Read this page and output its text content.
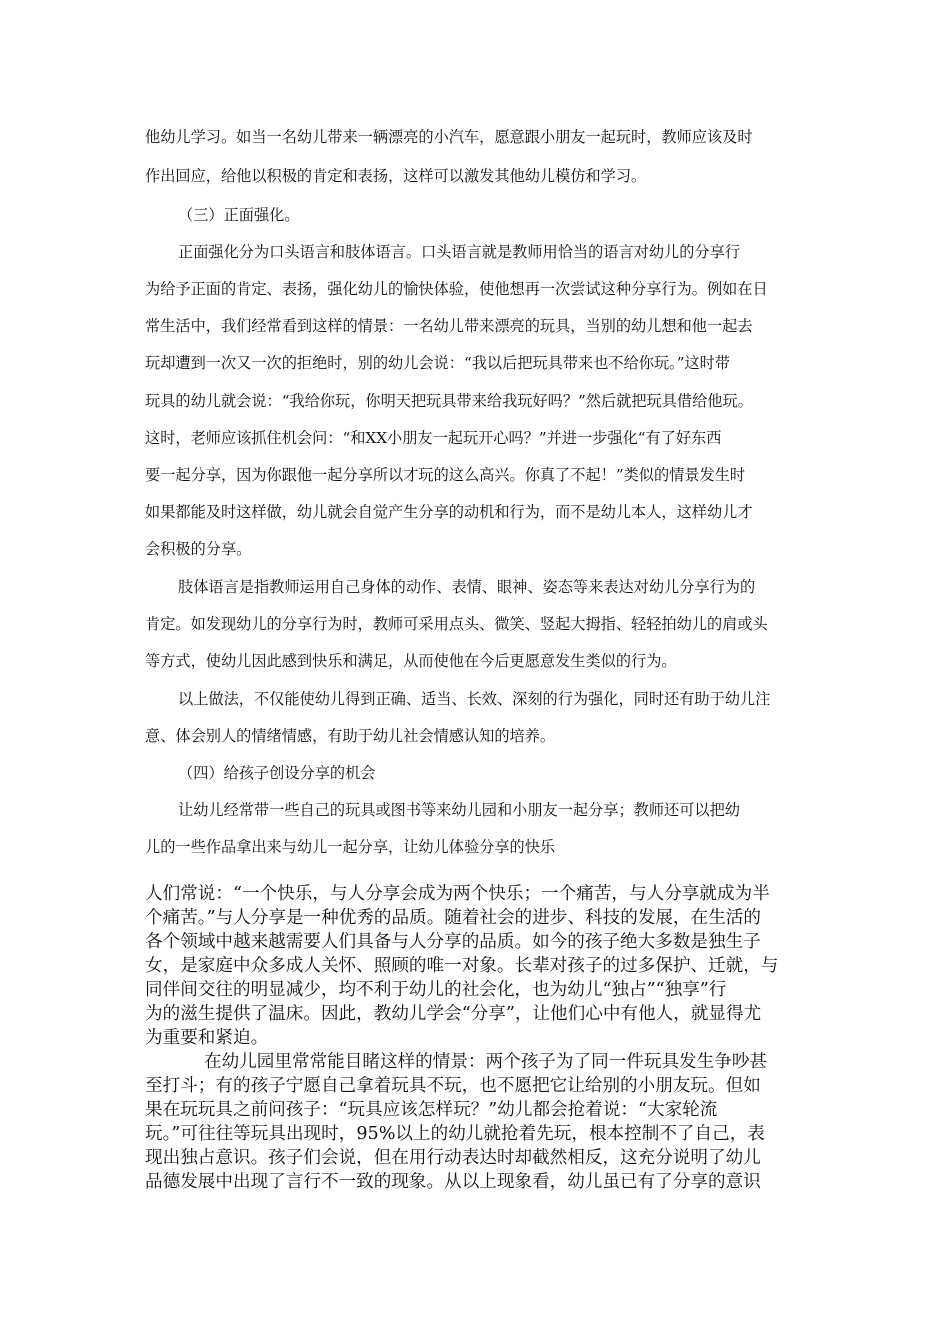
他幼儿学习。如当一名幼儿带来一辆漂亮的小汽车，愿意跟小朋友一起玩时，教师应该及时
作出回应，给他以积极的肯定和表扬，这样可以激发其他幼儿模仿和学习。
（三）正面强化。
正面强化分为口头语言和肢体语言。口头语言就是教师用恰当的语言对幼儿的分享行
为给予正面的肯定、表扬，强化幼儿的愉快体验，使他想再一次尝试这种分享行为。例如在日
常生活中，我们经常看到这样的情景：一名幼儿带来漂亮的玩具，当别的幼儿想和他一起去
玩却遭到一次又一次的拒绝时，别的幼儿会说：“我以后把玩具带来也不给你玩。”这时带
玩具的幼儿就会说：“我给你玩，你明天把玩具带来给我玩好吗？”然后就把玩具借给他玩。
这时，老师应该抓住机会问：“和XX小朋友一起玩开心吗？”并进一步强化“有了好东西
要一起分享，因为你跟他一起分享所以才玩的这么高兴。你真了不起！”类似的情景发生时
如果都能及时这样做，幼儿就会自觉产生分享的动机和行为，而不是幼儿本人，这样幼儿才
会积极的分享。
肢体语言是指教师运用自己身体的动作、表情、眼神、姿态等来表达对幼儿分享行为的
肯定。如发现幼儿的分享行为时，教师可采用点头、微笑、竖起大拇指、轻轻拍幼儿的肩或头
等方式，使幼儿因此感到快乐和满足，从而使他在今后更愿意发生类似的行为。
以上做法，不仅能使幼儿得到正确、适当、长效、深刻的行为强化，同时还有助于幼儿注
意、体会别人的情绪情感，有助于幼儿社会情感认知的培养。
（四）给孩子创设分享的机会
让幼儿经常带一些自己的玩具或图书等来幼儿园和小朋友一起分享；教师还可以把幼
儿的一些作品拿出来与幼儿一起分享，让幼儿体验分享的快乐
人们常说：“一个快乐，与人分享会成为两个快乐；一个痛苦，与人分享就成为半
个痛苦。”与人分享是一种优秀的品质。随着社会的进步、科技的发展，在生活的
各个领域中越来越需要人们具备与人分享的品质。如今的孩子绝大多数是独生子
女，是家庭中众多成人关怀、照顾的唯一对象。长辈对孩子的过多保护、迁就，与
同伴间交往的明显减少，均不利于幼儿的社会化，也为幼儿“独占”“独享”行
为的滋生提供了温床。因此，教幼儿学会“分享”，让他们心中有他人，就显得尤
为重要和紧迫。
在幼儿园里常常能目睹这样的情景：两个孩子为了同一件玩具发生争吵甚
至打斗；有的孩子宁愿自己拿着玩具不玩，也不愿把它让给别的小朋友玩。但如
果在玩玩具之前问孩子：“玩具应该怎样玩？”幼儿都会抢着说：“大家轮流
玩。”可往往等玩具出现时，95%以上的幼儿就抢着先玩，根本控制不了自己，表
现出独占意识。孩子们会说，但在用行动表达时却截然相反，这充分说明了幼儿
品德发展中出现了言行不一致的现象。从以上现象看，幼儿虽已有了分享的意识
